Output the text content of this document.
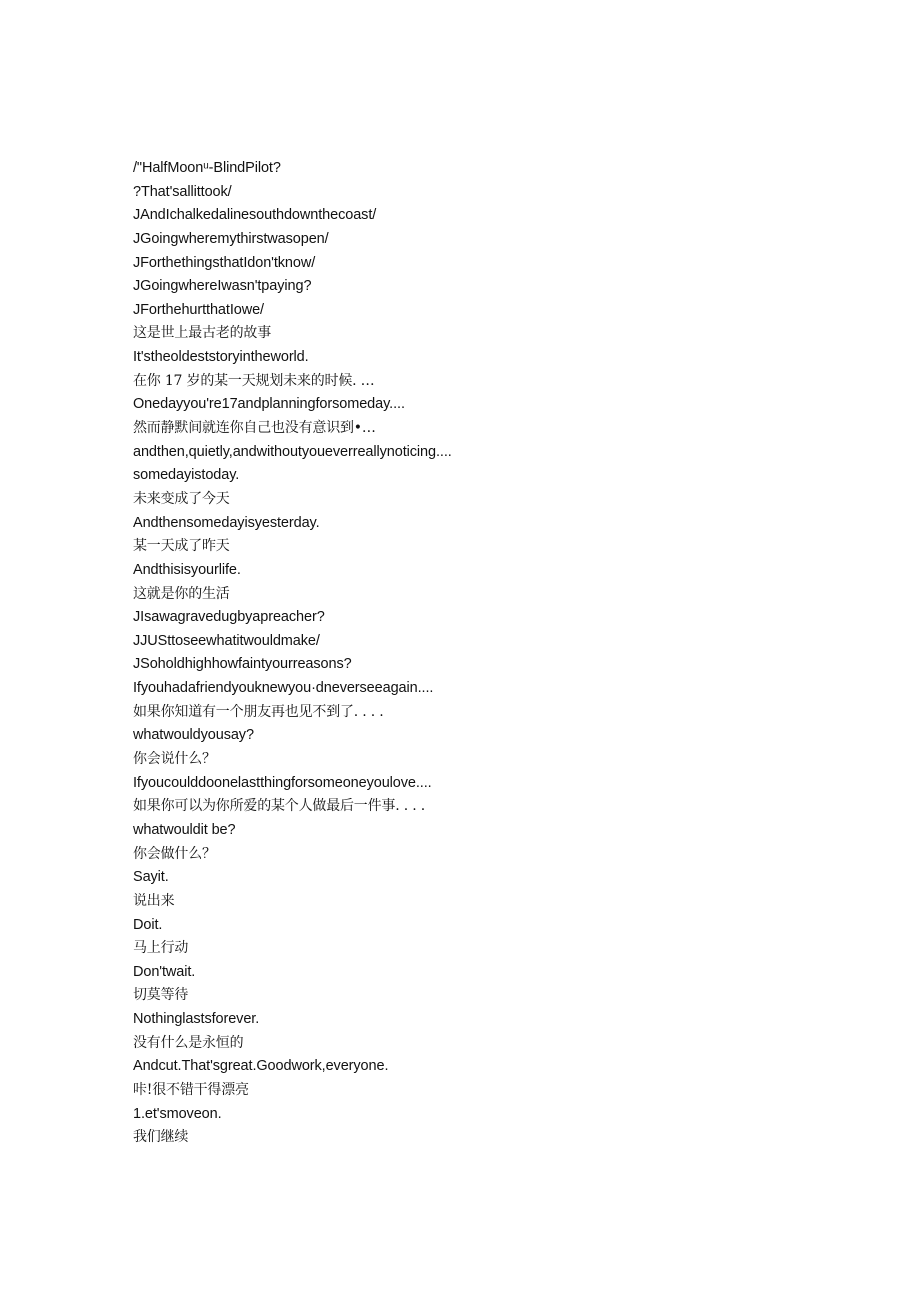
/"HalfMoonᵘ-BlindPilot?
?That'sallittook/
JAndIchalkedalinesouthdownthecoast/
JGoingwheremythirstwasopen/
JForthethingsthatIdon'tknow/
JGoingwhereIwasn'tpaying?
JForthehurtthatIowe/
这是世上最古老的故事
It'stheoldeststoryintheworld.
在你 17 岁的某一天规划未来的时候. …
Onedayyou're17andplanningforsomeday....
然而静默间就连你自己也没有意识到•…
andthen,quietly,andwithoutyoueverreallynoticing....
somedayistoday.
未来变成了今天
Andthensomedayisyesterday.
某一天成了昨天
Andthisisyourlife.
这就是你的生活
JIsawagravedugbyapreacher?
JJUSttoseewhatitwouldmake/
JSoholdhighhowfaintyourreasons?
Ifyouhadafriendyouknewyou·dneverseeagain....
如果你知道有一个朋友再也见不到了. . . .
whatwouldyousay?
你会说什么？
Ifyoucoulddoonelastthingforsomeoneyoulove....
如果你可以为你所爱的某个人做最后一件事. . . .
whatwouldit be?
你会做什么？
Sayit.
说出来
Doit.
马上行动
Don'twait.
切莫等待
Nothinglastsforever.
没有什么是永恒的
Andcut.That'sgreat.Goodwork,everyone.
咔!很不错干得漂亮
1.et'smoveon.
我们继续
